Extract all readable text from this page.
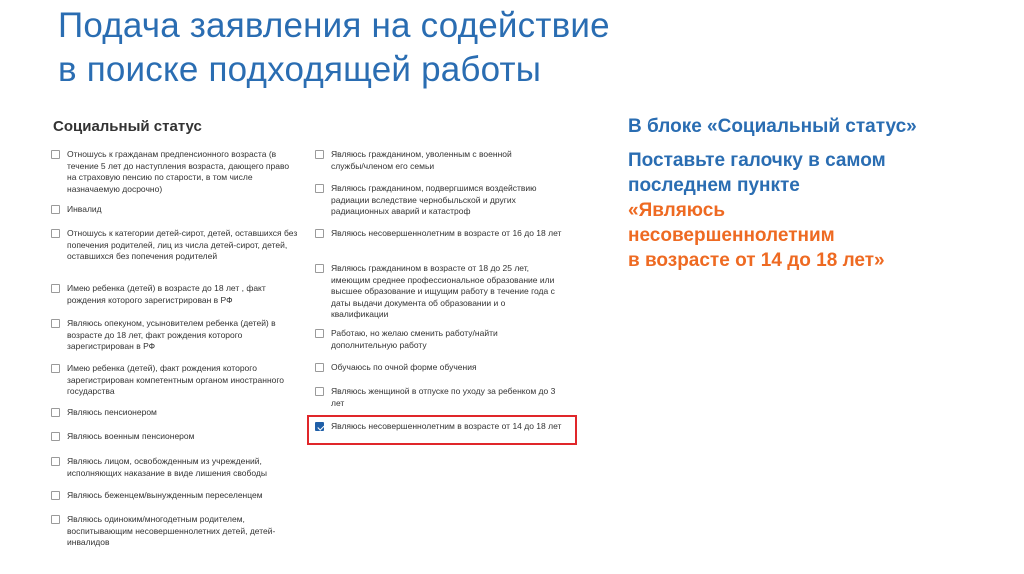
Подача заявления на содействие
в поиске подходящей работы
Социальный статус
Отношусь к гражданам предпенсионного возраста (в течение 5 лет до наступления возраста, дающего право на страховую пенсию по старости, в том числе назначаемую досрочно)
Инвалид
Отношусь к категории детей-сирот, детей, оставшихся без попечения родителей, лиц из числа детей-сирот, детей, оставшихся без попечения родителей
Имею ребенка (детей) в возрасте до 18 лет , факт рождения которого зарегистрирован в РФ
Являюсь опекуном, усыновителем ребенка (детей) в возрасте до 18 лет, факт рождения которого зарегистрирован в РФ
Имею ребенка (детей), факт рождения которого зарегистрирован компетентным органом иностранного государства
Являюсь пенсионером
Являюсь военным пенсионером
Являюсь лицом, освобожденным из учреждений, исполняющих наказание в виде лишения свободы
Являюсь беженцем/вынужденным переселенцем
Являюсь одиноким/многодетным родителем, воспитывающим несовершеннолетних детей, детей-инвалидов
Являюсь гражданином, уволенным с военной службы/членом его семьи
Являюсь гражданином, подвергшимся воздействию радиации вследствие чернобыльской и других радиационных аварий и катастроф
Являюсь несовершеннолетним в возрасте от 16 до 18 лет
Являюсь гражданином в возрасте от 18 до 25 лет, имеющим среднее профессиональное образование или высшее образование и ищущим работу в течение года с даты выдачи документа об образовании и о квалификации
Работаю, но желаю сменить работу/найти дополнительную работу
Обучаюсь по очной форме обучения
Являюсь женщиной в отпуске по уходу за ребенком до 3 лет
Являюсь несовершеннолетним в возрасте от 14 до 18 лет

В блоке «Социальный статус»

Поставьте галочку в самом
последнем пункте

«Являюсь
несовершеннолетним
в возрасте от 14 до 18 лет»
